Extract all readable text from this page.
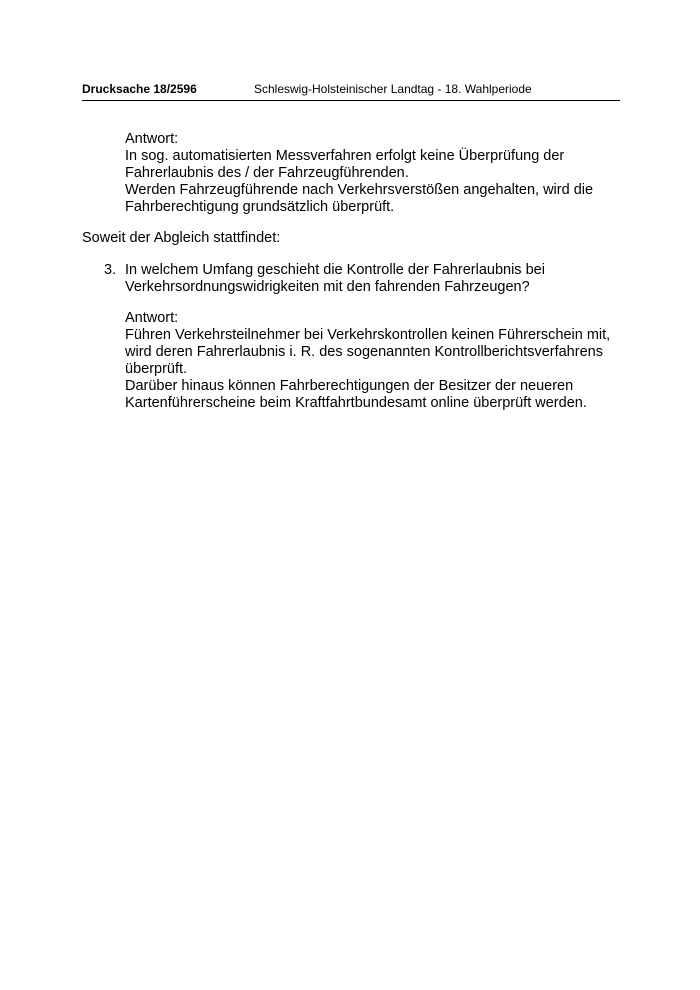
Drucksache 18/2596	Schleswig-Holsteinischer Landtag - 18. Wahlperiode
Antwort:
In sog. automatisierten Messverfahren erfolgt keine Überprüfung der
Fahrerlaubnis des / der Fahrzeugführenden.
Werden Fahrzeugführende nach Verkehrsverstößen angehalten, wird die
Fahrberechtigung grundsätzlich überprüft.
Soweit der Abgleich stattfindet:
3. In welchem Umfang geschieht die Kontrolle der Fahrerlaubnis bei
Verkehrsordnungswidrigkeiten mit den fahrenden Fahrzeugen?
Antwort:
Führen Verkehrsteilnehmer bei Verkehrskontrollen keinen Führerschein mit,
wird deren Fahrerlaubnis i. R. des sogenannten Kontrollberichtsverfahrens
überprüft.
Darüber hinaus können Fahrberechtigungen der Besitzer der neueren
Kartenführerscheine beim Kraftfahrtbundesamt online überprüft werden.
